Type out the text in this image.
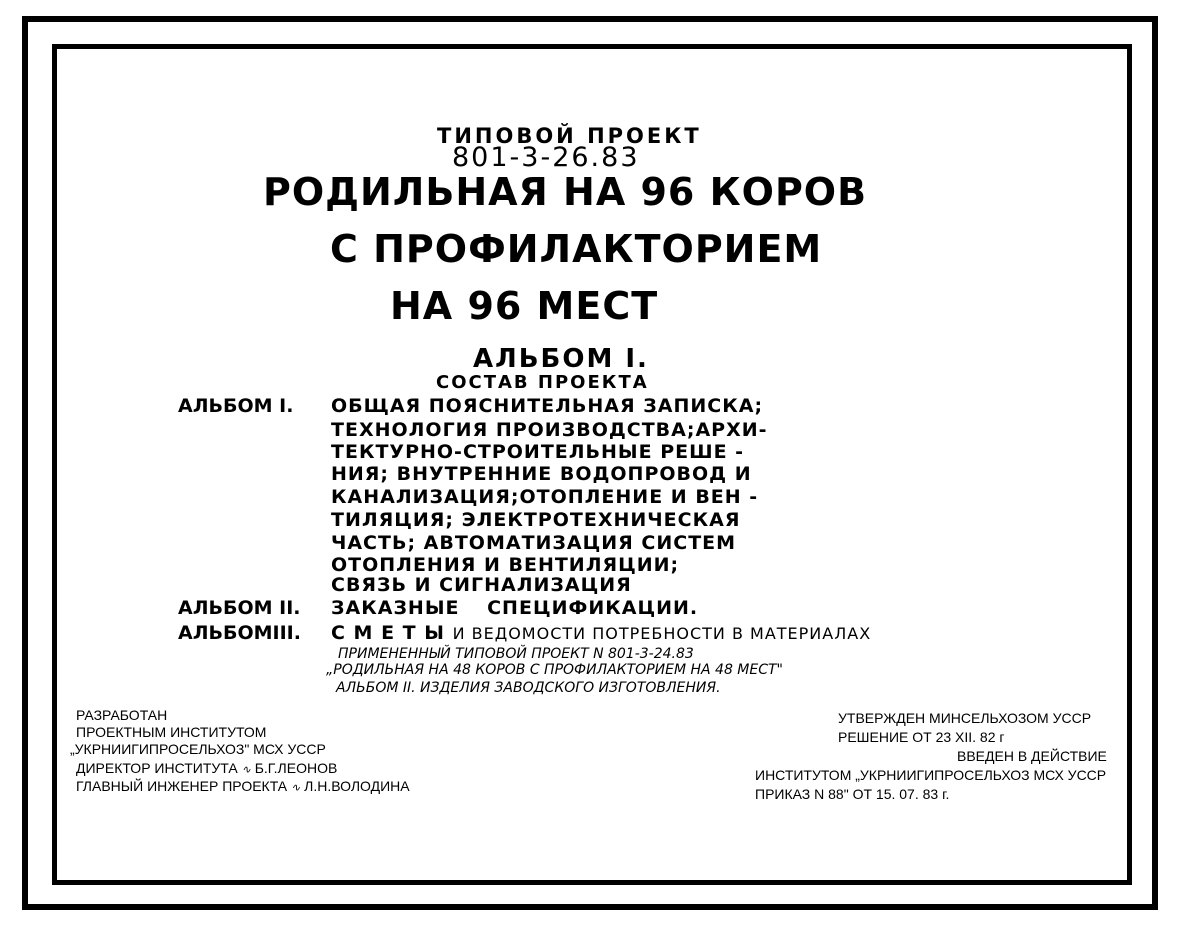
ТИПОВОЙ ПРОЕКТ
801-3-26.83
РОДИЛЬНАЯ НА 96 КОРОВ
С ПРОФИЛАКТОРИЕМ
НА 96 МЕСТ
АЛЬБОМ I.
СОСТАВ ПРОЕКТА
АЛЬБОМ I. ОБЩАЯ ПОЯСНИТЕЛЬНАЯ ЗАПИСКА;
ТЕХНОЛОГИЯ ПРОИЗВОДСТВА;АРХИ-
ТЕКТУРНО-СТРОИТЕЛЬНЫЕ РЕШЕ -
НИЯ; ВНУТРЕННИЕ ВОДОПРОВОД И
КАНАЛИЗАЦИЯ;ОТОПЛЕНИЕ И ВЕН -
ТИЛЯЦИЯ; ЭЛЕКТРОТЕХНИЧЕСКАЯ
ЧАСТЬ; АВТОМАТИЗАЦИЯ СИСТЕМ
ОТОПЛЕНИЯ И ВЕНТИЛЯЦИИ;
СВЯЗЬ И СИГНАЛИЗАЦИЯ
АЛЬБОМ II. ЗАКАЗНЫЕ СПЕЦИФИКАЦИИ.
АЛЬБОМIII. С М Е Т Ы И ВЕДОМОСТИ ПОТРЕБНОСТИ В МАТЕРИАЛАХ
ПРИМЕНЕННЫЙ ТИПОВОЙ ПРОЕКТ N 801-3-24.83
„РОДИЛЬНАЯ НА 48 КОРОВ С ПРОФИЛАКТОРИЕМ НА 48 МЕСТ"
АЛЬБОМ II. ИЗДЕЛИЯ ЗАВОДСКОГО ИЗГОТОВЛЕНИЯ.
РАЗРАБОТАН
ПРОЕКТНЫМ ИНСТИТУТОМ
„УКРНИИГИПРОСЕЛЬХОЗ" МСХ УССР
ДИРЕКТОР ИНСТИТУТА ∿ Б.Г.ЛЕОНОВ
ГЛАВНЫЙ ИНЖЕНЕР ПРОЕКТА ∿ Л.Н.ВОЛОДИНА
УТВЕРЖДЕН МИНСЕЛЬХОЗОМ УССР
РЕШЕНИЕ ОТ 23 XII. 82 г
ВВЕДЕН В ДЕЙСТВИЕ
ИНСТИТУТОМ „УКРНИИГИПРОСЕЛЬХОЗ МСХ УССР
ПРИКАЗ N 88" ОТ 15. 07. 83 г.
